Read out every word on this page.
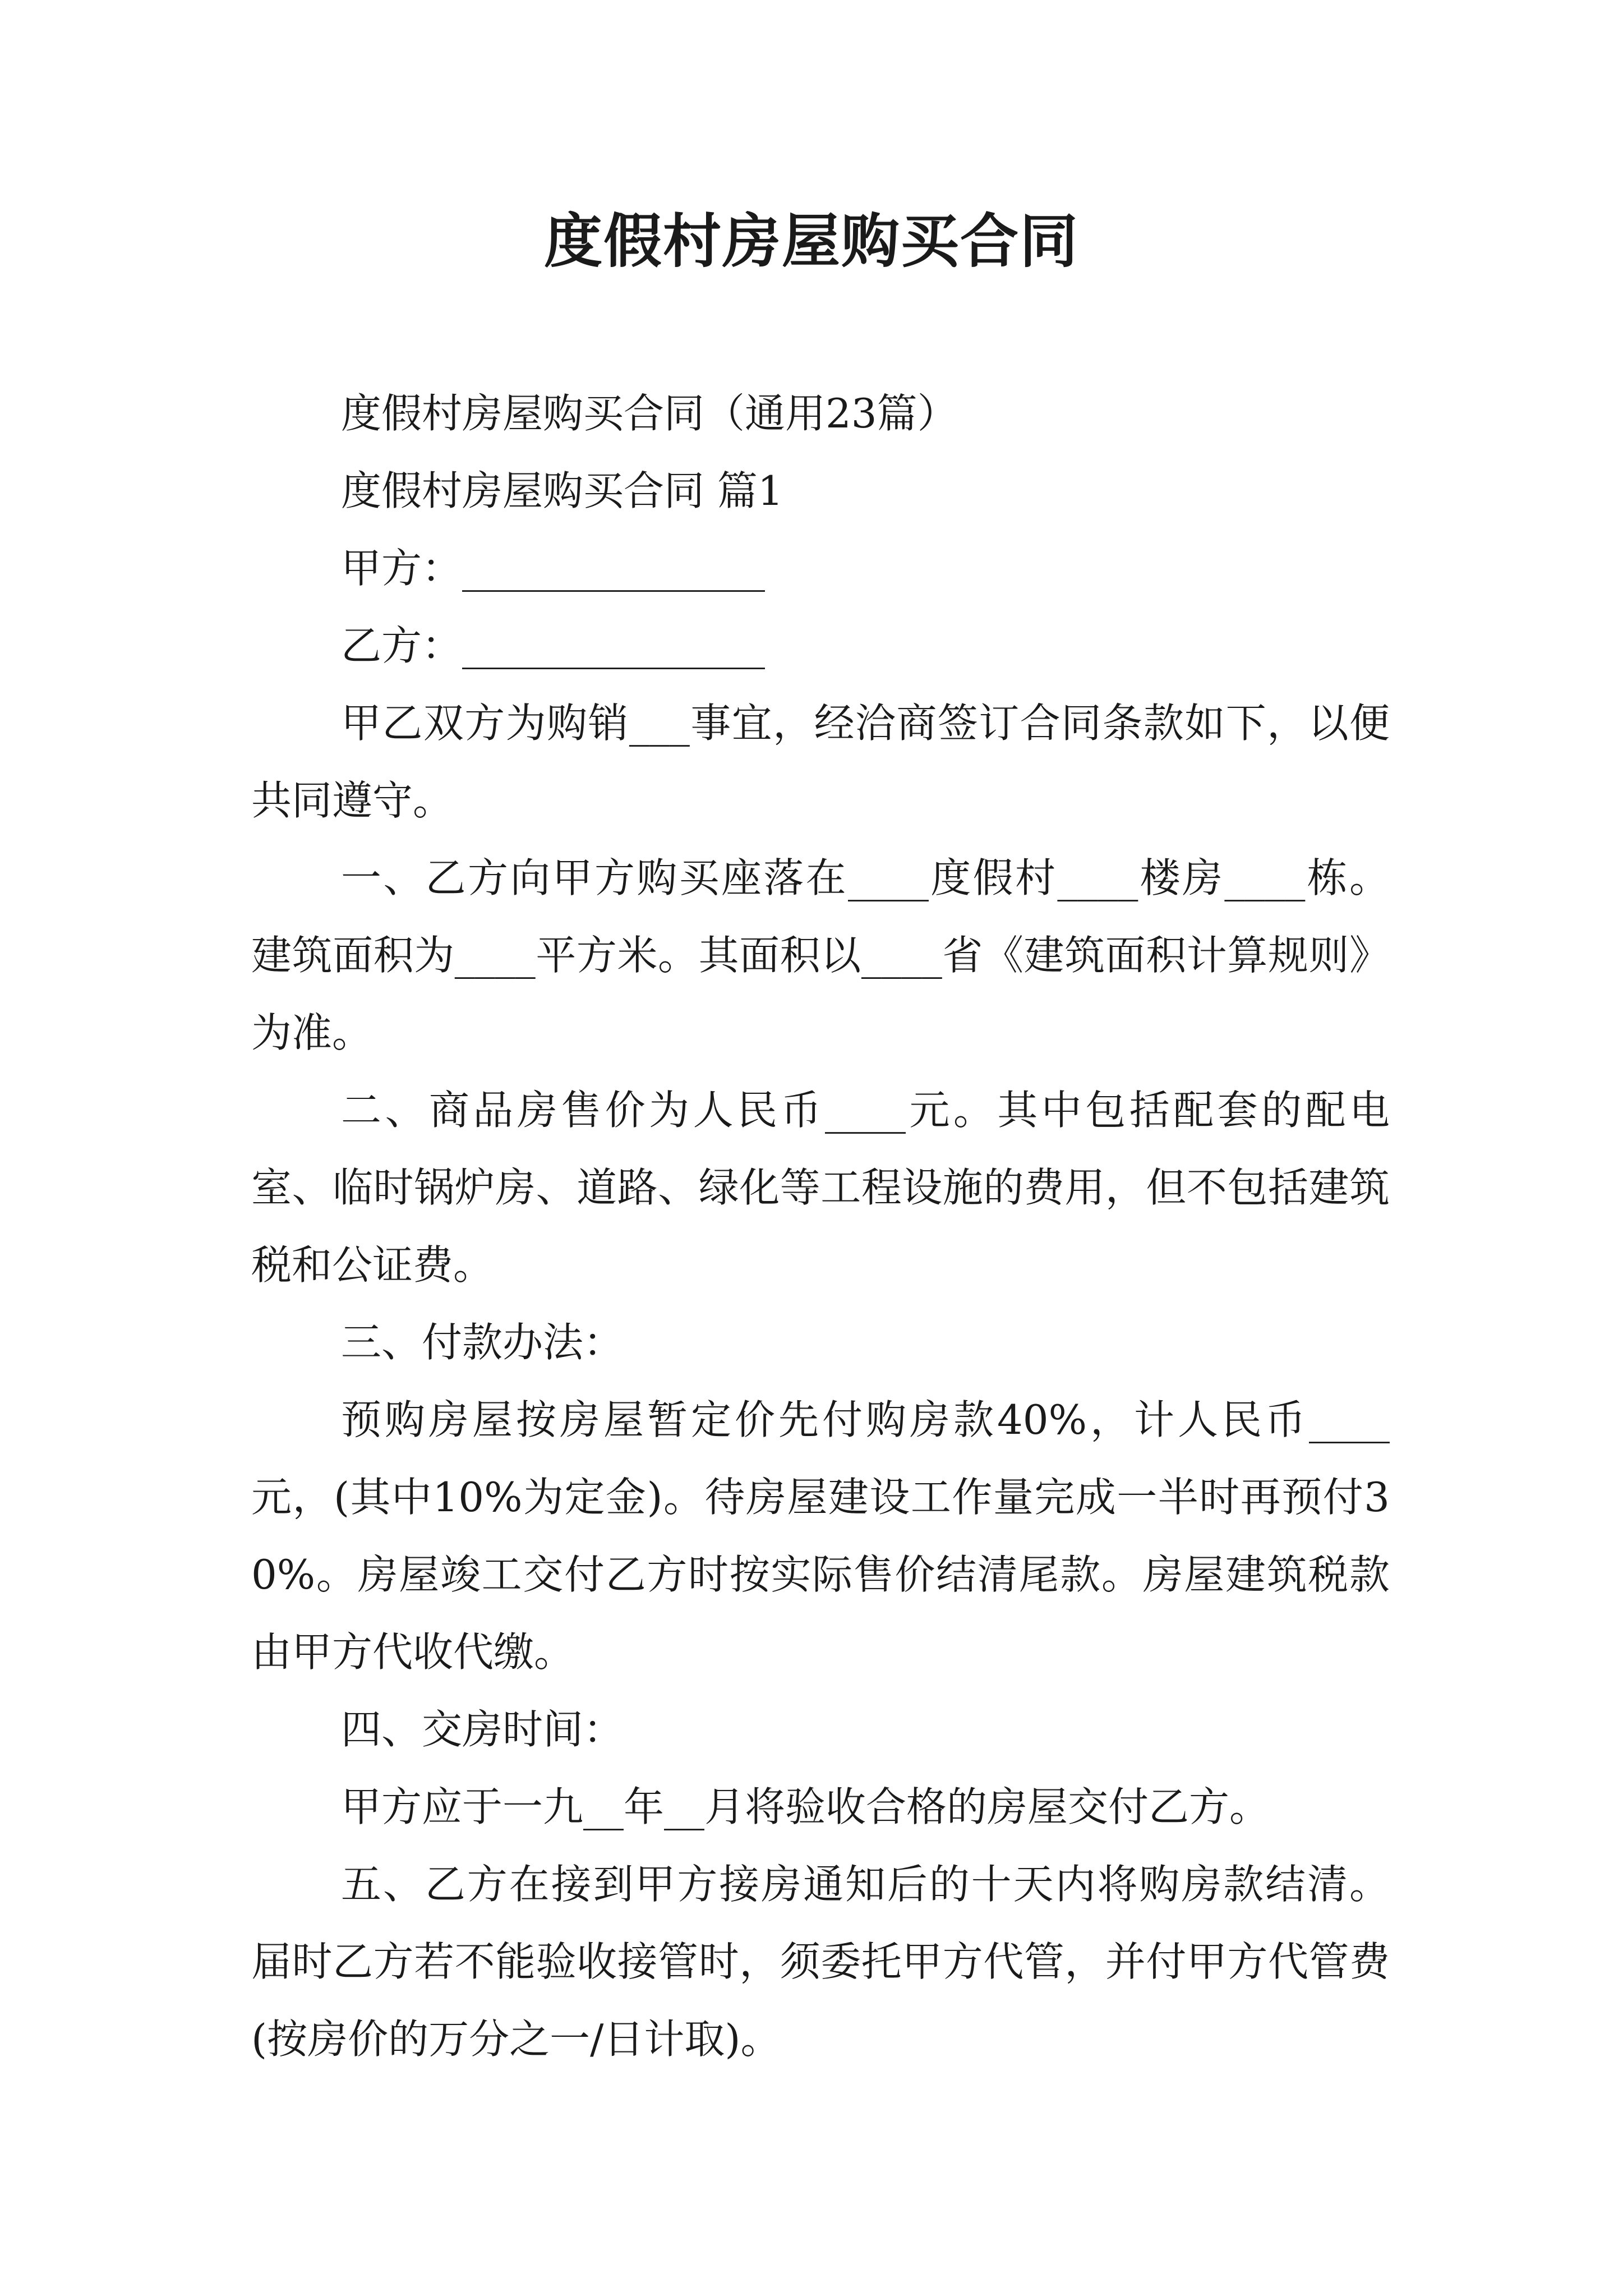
度假村房屋购买合同

度假村房屋购买合同（通用23篇）

度假村房屋购买合同 篇1

甲方：_______________

乙方：_______________

甲乙双方为购销___事宜，经洽商签订合同条款如下，以便共同遵守。

一、乙方向甲方购买座落在____度假村____楼房____栋。建筑面积为____平方米。其面积以____省《建筑面积计算规则》为准。

二、商品房售价为人民币____元。其中包括配套的配电室、临时锅炉房、道路、绿化等工程设施的费用，但不包括建筑税和公证费。

三、付款办法：

预购房屋按房屋暂定价先付购房款40%，计人民币____元，(其中10%为定金)。待房屋建设工作量完成一半时再预付30%。房屋竣工交付乙方时按实际售价结清尾款。房屋建筑税款由甲方代收代缴。

四、交房时间：

甲方应于一九__年__月将验收合格的房屋交付乙方。

五、乙方在接到甲方接房通知后的十天内将购房款结清。届时乙方若不能验收接管时，须委托甲方代管，并付甲方代管费(按房价的万分之一/日计取)。
